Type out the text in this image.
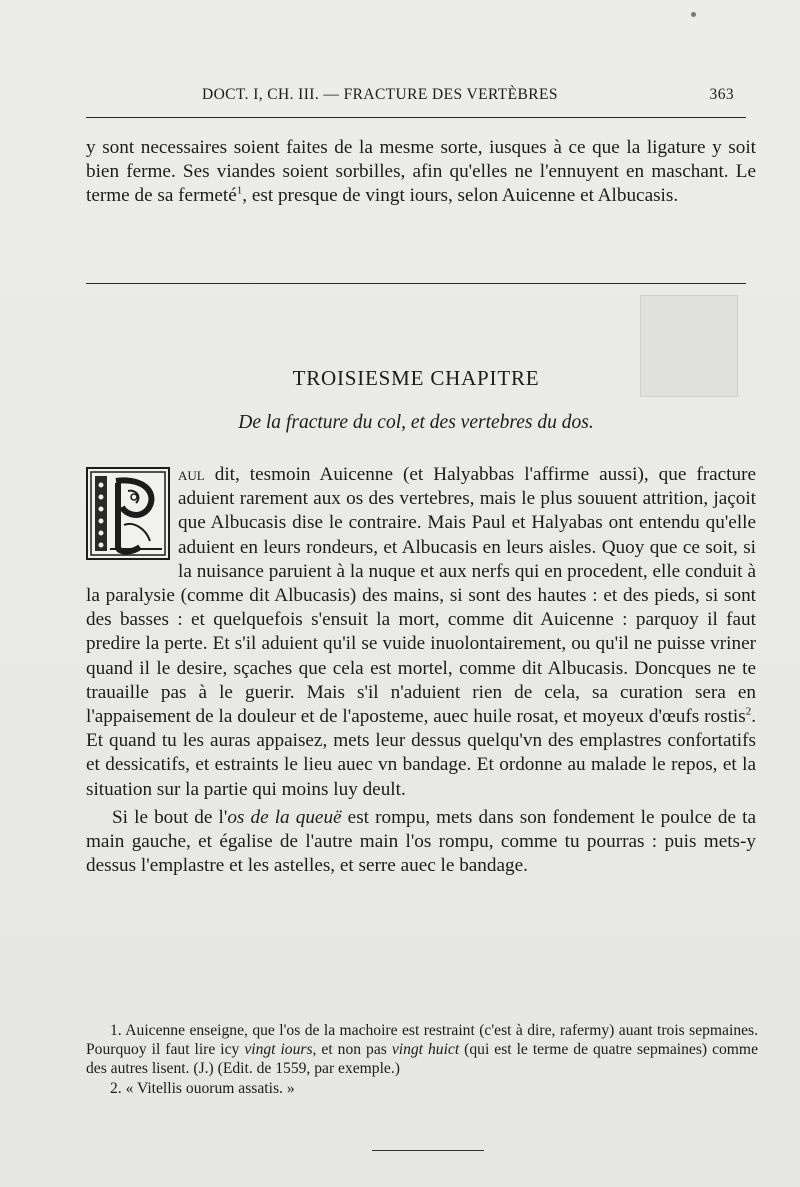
DOCT. I, CH. III. — FRACTURE DES VERTÈBRES	363

y sont necessaires soient faites de la mesme sorte, iusques à ce que la ligature y soit bien ferme. Ses viandes soient sorbilles, afin qu'elles ne l'ennuyent en maschant. Le terme de sa fermeté$^1$, est presque de vingt iours, selon Auicenne et Albucasis.

TROISIESME CHAPITRE
De la fracture du col, et des vertebres du dos.

aul dit, tesmoin Auicenne (et Halyabbas l'affirme aussi), que fracture aduient rarement aux os des vertebres, mais le plus souuent attrition, jaçoit que Albucasis dise le contraire. Mais Paul et Halyabas ont entendu qu'elle aduient en leurs rondeurs, et Albucasis en leurs aisles. Quoy que ce soit, si la nuisance paruient à la nuque et aux nerfs qui en procedent, elle conduit à la paralysie (comme dit Albucasis) des mains, si sont des hautes : et des pieds, si sont des basses : et quelquefois s'ensuit la mort, comme dit Auicenne : parquoy il faut predire la perte. Et s'il aduient qu'il se vuide inuolontairement, ou qu'il ne puisse vriner quand il le desire, sçaches que cela est mortel, comme dit Albucasis. Doncques ne te trauaille pas à le guerir. Mais s'il n'aduient rien de cela, sa curation sera en l'appaisement de la douleur et de l'aposteme, auec huile rosat, et moyeux d'œufs rostis$^2$. Et quand tu les auras appaisez, mets leur dessus quelqu'vn des emplastres confortatifs et dessicatifs, et estraints le lieu auec vn bandage. Et ordonne au malade le repos, et la situation sur la partie qui moins luy deult.

Si le bout de l'os de la queuë est rompu, mets dans son fondement le poulce de ta main gauche, et égalise de l'autre main l'os rompu, comme tu pourras : puis mets-y dessus l'emplastre et les astelles, et serre auec le bandage.

1. Auicenne enseigne, que l'os de la machoire est restraint (c'est à dire, rafermy) auant trois sepmaines. Pourquoy il faut lire icy vingt iours, et non pas vingt huict (qui est le terme de quatre sepmaines) comme des autres lisent. (J.) (Edit. de 1559, par exemple.)

2. « Vitellis ouorum assatis. »
